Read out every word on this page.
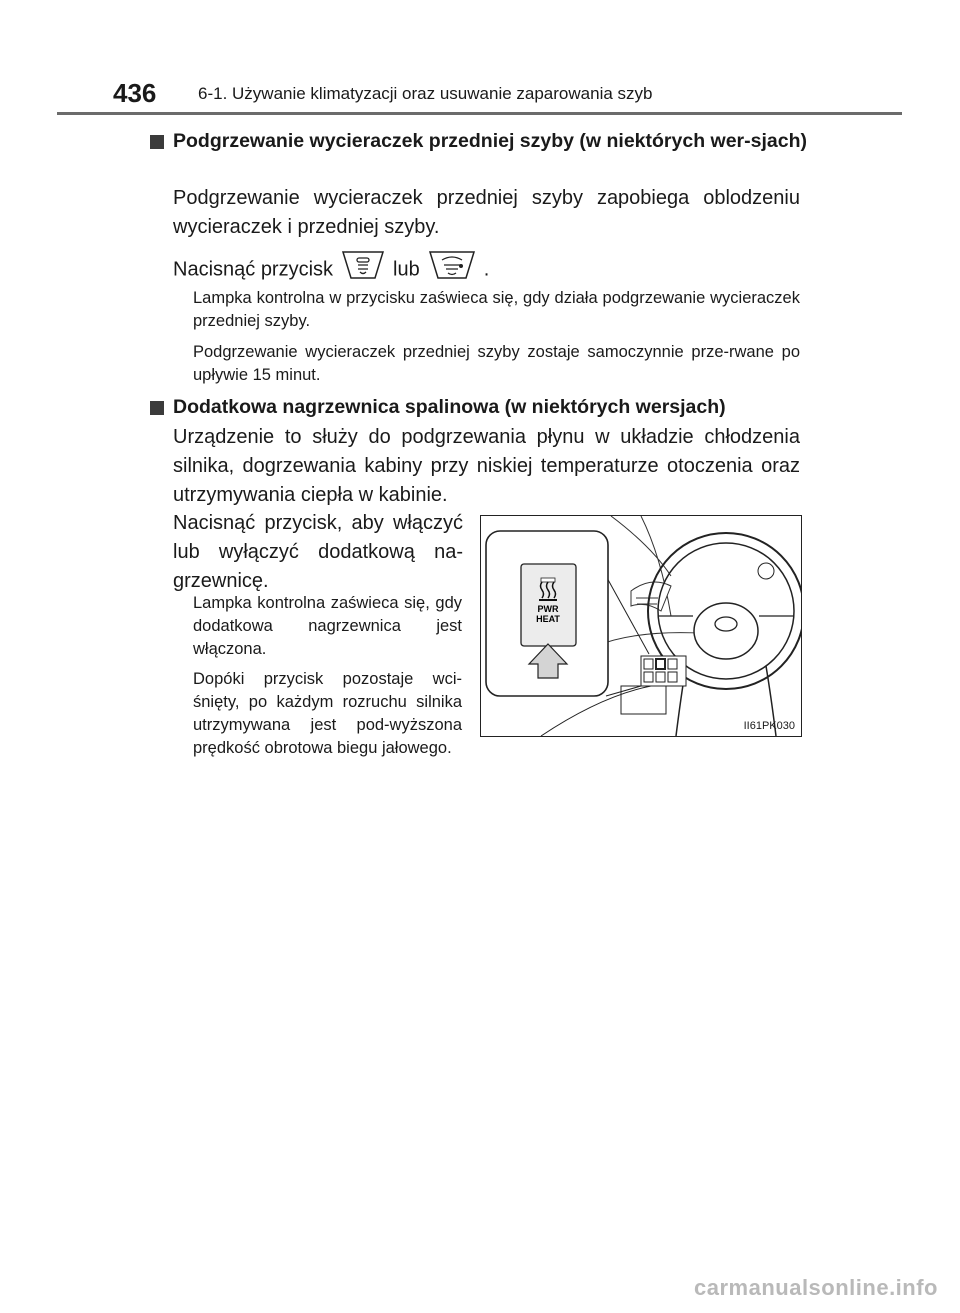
436 6-1. Używanie klimatyzacji oraz usuwanie zaparowania szyb
Podgrzewanie wycieraczek przedniej szyby (w niektórych wer-sjach)
Podgrzewanie wycieraczek przedniej szyby zapobiega oblodzeniu wycieraczek i przedniej szyby.
Nacisnąć przycisk	lub	.
Lampka kontrolna w przycisku zaświeca się, gdy działa podgrzewanie wycieraczek przedniej szyby.
Podgrzewanie wycieraczek przedniej szyby zostaje samoczynnie prze-rwane po upływie 15 minut.
Dodatkowa nagrzewnica spalinowa (w niektórych wersjach)
Urządzenie to służy do podgrzewania płynu w układzie chłodzenia silnika, dogrzewania kabiny przy niskiej temperaturze otoczenia oraz utrzymywania ciepła w kabinie.
Nacisnąć przycisk, aby włączyć lub wyłączyć dodatkową na-grzewnicę.
Lampka kontrolna zaświeca się, gdy dodatkowa nagrzewnica jest włączona.
Dopóki przycisk pozostaje wci-śnięty, po każdym rozruchu silnika utrzymywana jest pod-wyższona prędkość obrotowa biegu jałowego.
PWR
HEAT
II61PK030
carmanualsonline.info
